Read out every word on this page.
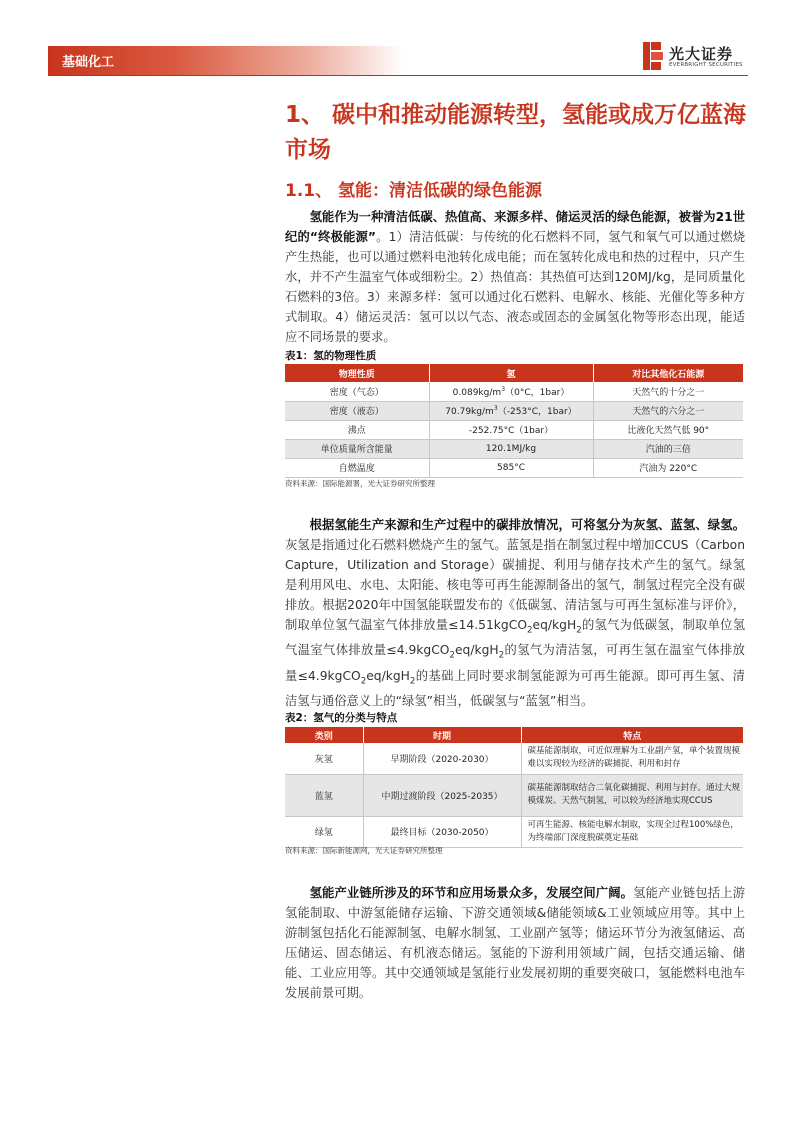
基础化工	光大证券
EVERBRIGHT SECURITIES
1、 碳中和推动能源转型，氢能或成万亿蓝海市场
1.1、 氢能：清洁低碳的绿色能源
氢能作为一种清洁低碳、热值高、来源多样、储运灵活的绿色能源，被誉为21世纪的“终极能源”。1）清洁低碳：与传统的化石燃料不同，氢气和氧气可以通过燃烧产生热能，也可以通过燃料电池转化成电能；而在氢转化成电和热的过程中，只产生水，并不产生温室气体或细粉尘。2）热值高：其热值可达到120MJ/kg，是同质量化石燃料的3倍。3）来源多样：氢可以通过化石燃料、电解水、核能、光催化等多种方式制取。4）储运灵活：氢可以以气态、液态或固态的金属氢化物等形态出现，能适应不同场景的要求。
表1：氢的物理性质
物理性质	氢	对比其他化石能源
密度（气态）	$0.089kg/m^3(0^\circ C$，1bar）	天然气的十分之一
密度（液态）	$70.79kg/m^3(-253^\circ C$，1bar）	天然气的六分之一
沸点	-252.75°C（1bar）	比液化天然气低 90°
单位质量所含能量	120.1MJ/kg	汽油的三倍
自燃温度	585°C	汽油为 220°C
资料来源：国际能源署，光大证券研究所整理
根据氢能生产来源和生产过程中的碳排放情况，可将氢分为灰氢、蓝氢、绿氢。灰氢是指通过化石燃料燃烧产生的氢气。蓝氢是指在制氢过程中增加CCUS（Carbon Capture，Utilization and Storage）碳捕捉、利用与储存技术产生的氢气。绿氢是利用风电、水电、太阳能、核电等可再生能源制备出的氢气，制氢过程完全没有碳排放。根据2020年中国氢能联盟发布的《低碳氢、清洁氢与可再生氢标准与评价》，制取单位氢气温室气体排放量≤14.51kgCO$_2$eq/kgH$_2$的氢气为低碳氢，制取单位氢气温室气体排放量≤4.9kgCO$_2$eq/kgH$_2$的氢气为清洁氢，可再生氢在温室气体排放量≤4.9kgCO$_2$eq/kgH$_2$的基础上同时要求制氢能源为可再生能源。即可再生氢、清洁氢与通俗意义上的“绿氢”相当，低碳氢与“蓝氢”相当。
表2：氢气的分类与特点
类别	时期	特点
灰氢	早期阶段（2020-2030）	碳基能源制取，可近似理解为工业副产氢，单个装置规模难以实现较为经济的碳捕捉、利用和封存
蓝氢	中期过渡阶段（2025-2035）	碳基能源制取结合二氧化碳捕捉、利用与封存。通过大规模煤炭、天然气制氢，可以较为经济地实现CCUS
绿氢	最终目标（2030-2050）	可再生能源、核能电解水制取，实现全过程100%绿色，为终端部门深度脱碳奠定基础
资料来源：国际新能源网，光大证券研究所整理
氢能产业链所涉及的环节和应用场景众多，发展空间广阔。氢能产业链包括上游氢能制取、中游氢能储存运输、下游交通领域&储能领域&工业领域应用等。其中上游制氢包括化石能源制氢、电解水制氢、工业副产氢等；储运环节分为液氢储运、高压储运、固态储运、有机液态储运。氢能的下游利用领域广阔，包括交通运输、储能、工业应用等。其中交通领域是氢能行业发展初期的重要突破口，氢能燃料电池车发展前景可期。
